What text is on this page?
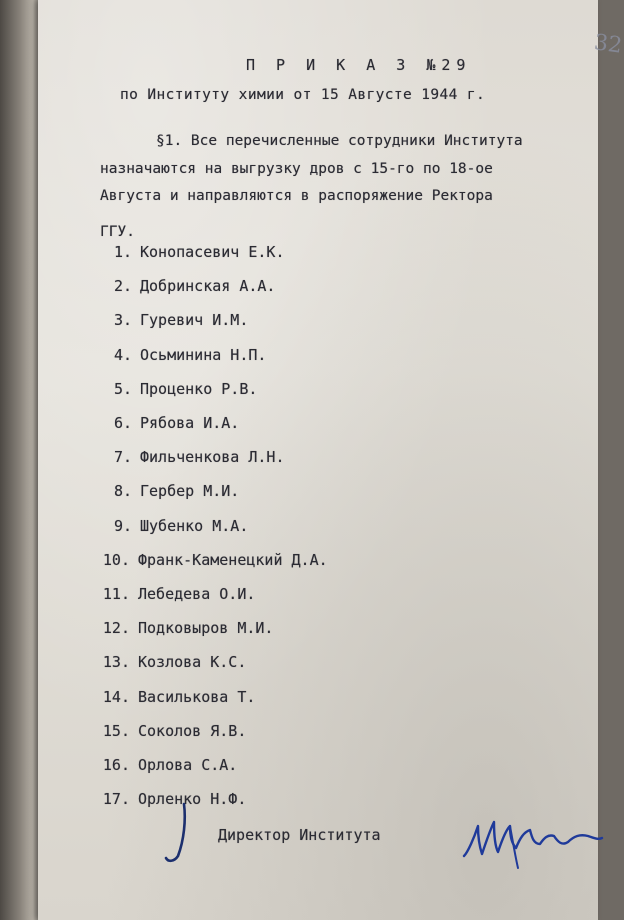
32
П Р И К А З №29
по Институту химии от 15 Августе 1944 г.
§1. Все перечисленные сотрудники Института
назначаются на выгрузку дров с 15-го по 18-ое
Августа и направляются в распоряжение Ректора
ГГУ.
1. Конопасевич Е.К.
2. Добринская А.А.
3. Гуревич И.М.
4. Осьминина Н.П.
5. Проценко Р.В.
6. Рябова И.А.
7. Фильченкова Л.Н.
8. Гербер М.И.
9. Шубенко М.А.
10. Франк-Каменецкий Д.А.
11. Лебедева О.И.
12. Подковыров М.И.
13. Козлова К.С.
14. Василькова Т.
15. Соколов Я.В.
16. Орлова С.А.
17. Орленко Н.Ф.
Директор Института
